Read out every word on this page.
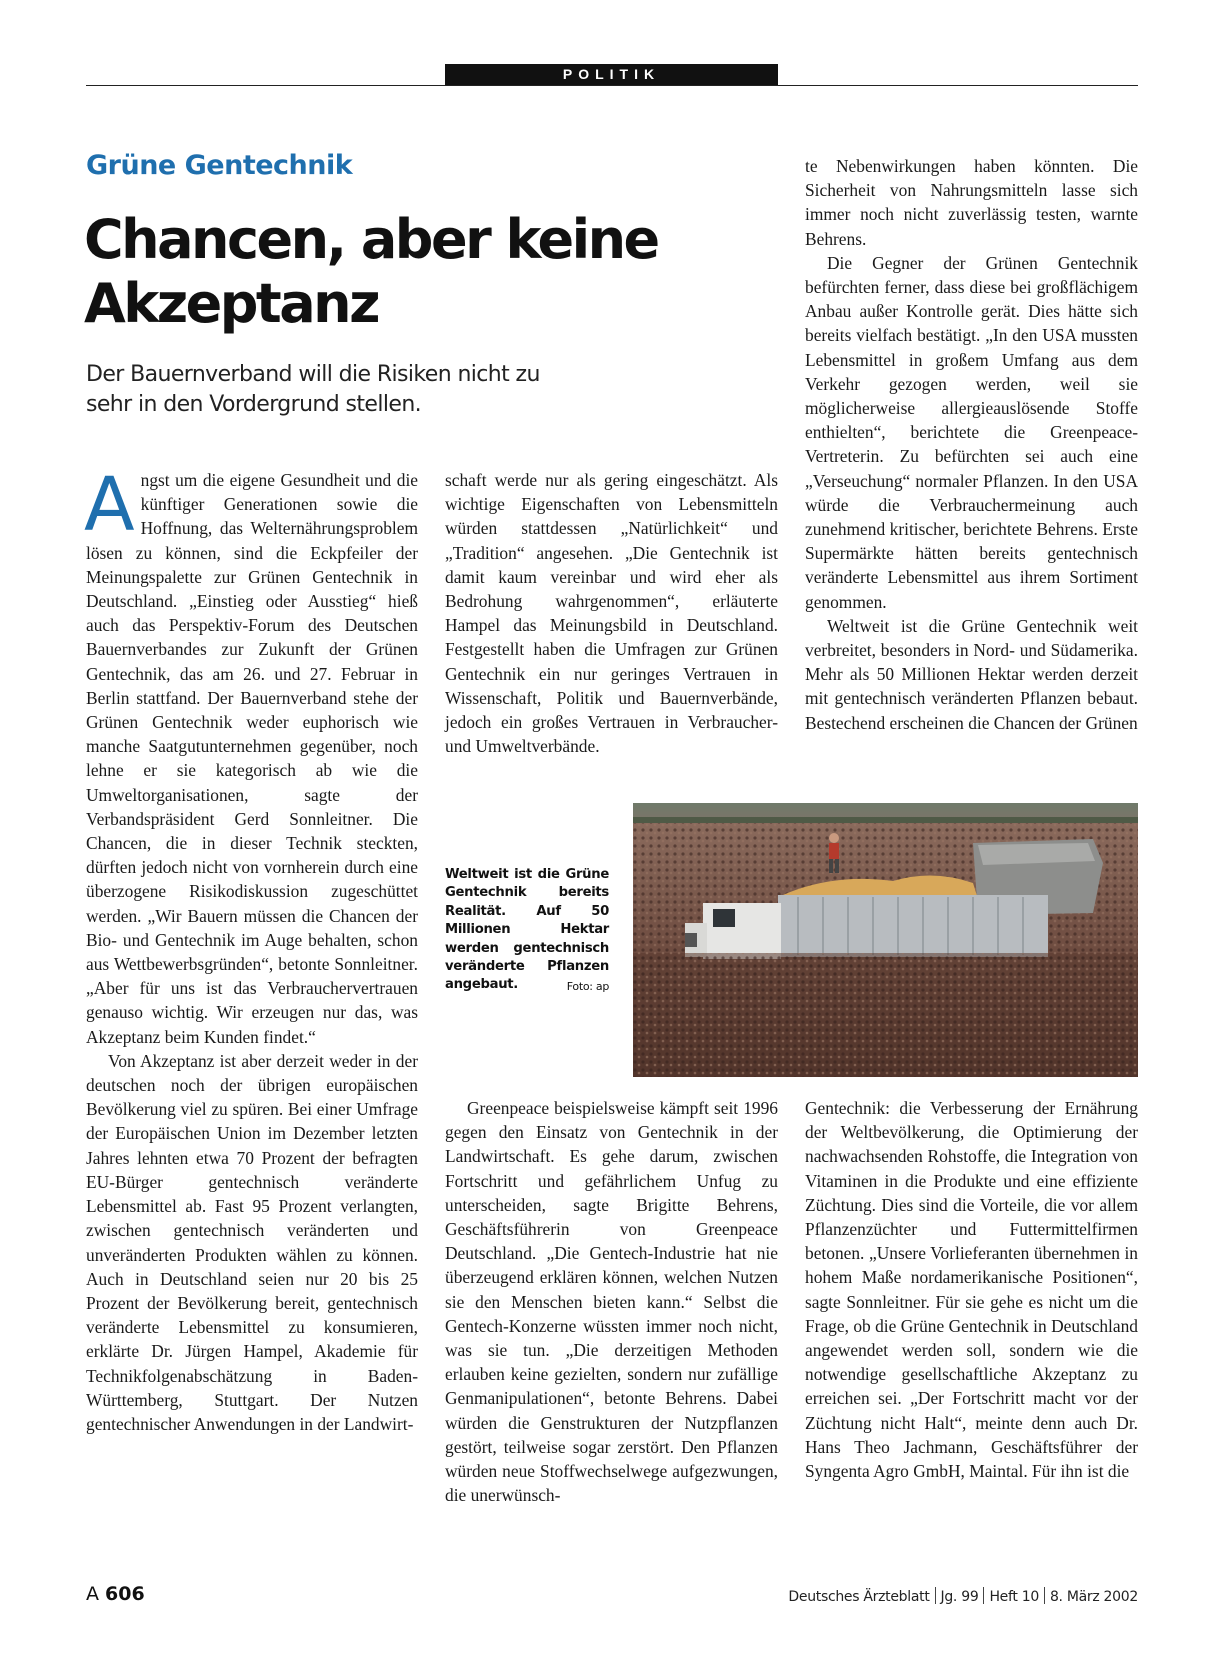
POLITIK
Grüne Gentechnik
Chancen, aber keine Akzeptanz
Der Bauernverband will die Risiken nicht zu sehr in den Vordergrund stellen.

Angst um die eigene Gesundheit und die künftiger Generationen sowie die Hoffnung, das Welternährungsproblem lösen zu können, sind die Eckpfeiler der Meinungspalette zur Grünen Gentechnik in Deutschland. „Einstieg oder Ausstieg“ hieß auch das Perspektiv-Forum des Deutschen Bauernverbandes zur Zukunft der Grünen Gentechnik, das am 26. und 27. Februar in Berlin stattfand. Der Bauernverband stehe der Grünen Gentechnik weder euphorisch wie manche Saatgutunternehmen gegenüber, noch lehne er sie kategorisch ab wie die Umweltorganisationen, sagte der Verbandspräsident Gerd Sonnleitner. Die Chancen, die in dieser Technik steckten, dürften jedoch nicht von vornherein durch eine überzogene Risikodiskussion zugeschüttet werden. „Wir Bauern müssen die Chancen der Bio- und Gentechnik im Auge behalten, schon aus Wettbewerbsgründen“, betonte Sonnleitner. „Aber für uns ist das Verbrauchervertrauen genauso wichtig. Wir erzeugen nur das, was Akzeptanz beim Kunden findet.“

Von Akzeptanz ist aber derzeit weder in der deutschen noch der übrigen europäischen Bevölkerung viel zu spüren. Bei einer Umfrage der Europäischen Union im Dezember letzten Jahres lehnten etwa 70 Prozent der befragten EU-Bürger gentechnisch veränderte Lebensmittel ab. Fast 95 Prozent verlangten, zwischen gentechnisch veränderten und unveränderten Produkten wählen zu können. Auch in Deutschland seien nur 20 bis 25 Prozent der Bevölkerung bereit, gentechnisch veränderte Lebensmittel zu konsumieren, erklärte Dr. Jürgen Hampel, Akademie für Technikfolgenabschätzung in Baden-Württemberg, Stuttgart. Der Nutzen gentechnischer Anwendungen in der Landwirt-

schaft werde nur als gering eingeschätzt. Als wichtige Eigenschaften von Lebensmitteln würden stattdessen „Natürlichkeit“ und „Tradition“ angesehen. „Die Gentechnik ist damit kaum vereinbar und wird eher als Bedrohung wahrgenommen“, erläuterte Hampel das Meinungsbild in Deutschland. Festgestellt haben die Umfragen zur Grünen Gentechnik ein nur geringes Vertrauen in Wissenschaft, Politik und Bauernverbände, jedoch ein großes Vertrauen in Verbraucher- und Umweltverbände.

te Nebenwirkungen haben könnten. Die Sicherheit von Nahrungsmitteln lasse sich immer noch nicht zuverlässig testen, warnte Behrens.

Die Gegner der Grünen Gentechnik befürchten ferner, dass diese bei großflächigem Anbau außer Kontrolle gerät. Dies hätte sich bereits vielfach bestätigt. „In den USA mussten Lebensmittel in großem Umfang aus dem Verkehr gezogen werden, weil sie möglicherweise allergieauslösende Stoffe enthielten“, berichtete die Greenpeace-Vertreterin. Zu befürchten sei auch eine „Verseuchung“ normaler Pflanzen. In den USA würde die Verbrauchermeinung auch zunehmend kritischer, berichtete Behrens. Erste Supermärkte hätten bereits gentechnisch veränderte Lebensmittel aus ihrem Sortiment genommen.

Weltweit ist die Grüne Gentechnik weit verbreitet, besonders in Nord- und Südamerika. Mehr als 50 Millionen Hektar werden derzeit mit gentechnisch veränderten Pflanzen bebaut. Bestechend erscheinen die Chancen der Grünen

Weltweit ist die Grüne Gentechnik bereits Realität. Auf 50 Millionen Hektar werden gentechnisch veränderte Pflanzen angebaut.	Foto: ap

Greenpeace beispielsweise kämpft seit 1996 gegen den Einsatz von Gentechnik in der Landwirtschaft. Es gehe darum, zwischen Fortschritt und gefährlichem Unfug zu unterscheiden, sagte Brigitte Behrens, Geschäftsführerin von Greenpeace Deutschland. „Die Gentech-Industrie hat nie überzeugend erklären können, welchen Nutzen sie den Menschen bieten kann.“ Selbst die Gentech-Konzerne wüssten immer noch nicht, was sie tun. „Die derzeitigen Methoden erlauben keine gezielten, sondern nur zufällige Genmanipulationen“, betonte Behrens. Dabei würden die Genstrukturen der Nutzpflanzen gestört, teilweise sogar zerstört. Den Pflanzen würden neue Stoffwechselwege aufgezwungen, die unerwünsch-

Gentechnik: die Verbesserung der Ernährung der Weltbevölkerung, die Optimierung der nachwachsenden Rohstoffe, die Integration von Vitaminen in die Produkte und eine effiziente Züchtung. Dies sind die Vorteile, die vor allem Pflanzenzüchter und Futtermittelfirmen betonen. „Unsere Vorlieferanten übernehmen in hohem Maße nordamerikanische Positionen“, sagte Sonnleitner. Für sie gehe es nicht um die Frage, ob die Grüne Gentechnik in Deutschland angewendet werden soll, sondern wie die notwendige gesellschaftliche Akzeptanz zu erreichen sei. „Der Fortschritt macht vor der Züchtung nicht Halt“, meinte denn auch Dr. Hans Theo Jachmann, Geschäftsführer der Syngenta Agro GmbH, Maintal. Für ihn ist die

A 606	Deutsches Ärzteblatt Jg. 99 Heft 10 8. März 2002
